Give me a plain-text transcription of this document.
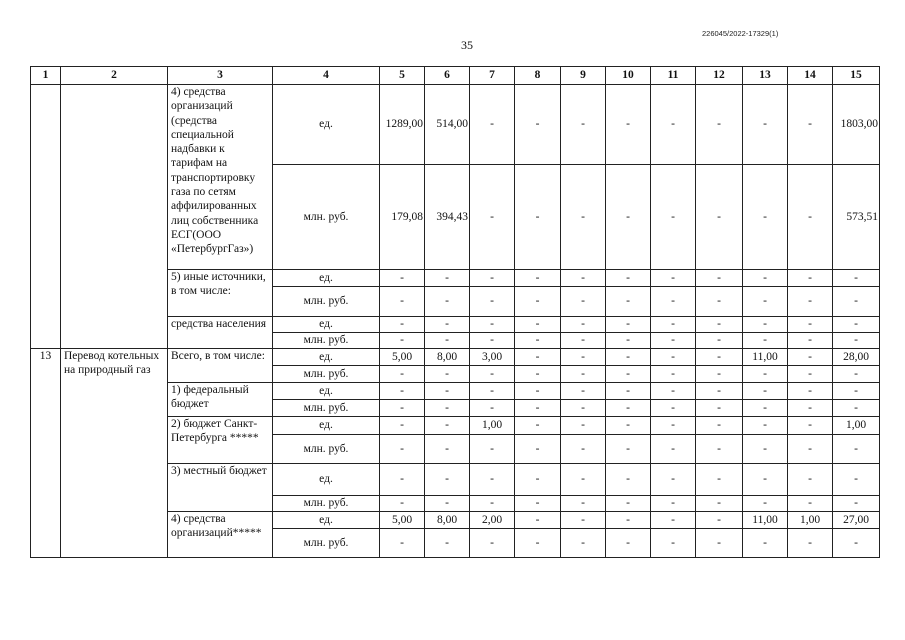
226045/2022-17329(1)
35
1	2	3	4	5	6	7	8	9	10	11	12	13	14	15
		4) средства организаций (средства специальной надбавки к тарифам на транспортировку газа по сетям аффилированных лиц собственника ЕСГ(ООО «ПетербургГаз»)	ед.	1289,00	514,00	-	-	-	-	-	-	-	-	1803,00
			млн. руб.	179,08	394,43	-	-	-	-	-	-	-	-	573,51
		5) иные источники, в том числе:	ед.	-	-	-	-	-	-	-	-	-	-	-
			млн. руб.	-	-	-	-	-	-	-	-	-	-	-
		средства населения	ед.	-	-	-	-	-	-	-	-	-	-	-
			млн. руб.	-	-	-	-	-	-	-	-	-	-	-
13	Перевод котельных на природный газ	Всего, в том числе:	ед.	5,00	8,00	3,00	-	-	-	-	-	11,00	-	28,00
			млн. руб.	-	-	-	-	-	-	-	-	-	-	-
		1) федеральный бюджет	ед.	-	-	-	-	-	-	-	-	-	-	-
			млн. руб.	-	-	-	-	-	-	-	-	-	-	-
		2) бюджет Санкт-Петербурга *****	ед.	-	-	1,00	-	-	-	-	-	-	-	1,00
			млн. руб.	-	-	-	-	-	-	-	-	-	-	-
		3) местный бюджет	ед.	-	-	-	-	-	-	-	-	-	-	-
			млн. руб.	-	-	-	-	-	-	-	-	-	-	-
		4) средства организаций*****	ед.	5,00	8,00	2,00	-	-	-	-	-	11,00	1,00	27,00
			млн. руб.	-	-	-	-	-	-	-	-	-	-	-
